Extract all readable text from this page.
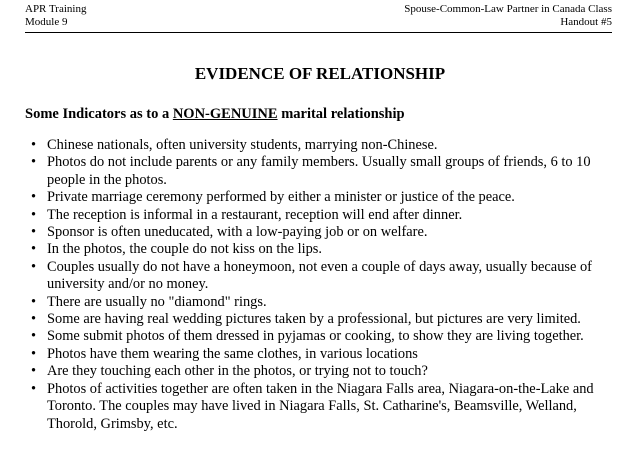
APR Training
Module 9
Spouse-Common-Law Partner in Canada Class
Handout #5
EVIDENCE OF RELATIONSHIP
Some Indicators as to a NON-GENUINE marital relationship
• Chinese nationals, often university students, marrying non-Chinese.
• Photos do not include parents or any family members. Usually small groups of friends, 6 to 10 people in the photos.
• Private marriage ceremony performed by either a minister or justice of the peace.
• The reception is informal in a restaurant, reception will end after dinner.
• Sponsor is often uneducated, with a low-paying job or on welfare.
• In the photos, the couple do not kiss on the lips.
• Couples usually do not have a honeymoon, not even a couple of days away, usually because of university and/or no money.
• There are usually no "diamond" rings.
• Some are having real wedding pictures taken by a professional, but pictures are very limited.
• Some submit photos of them dressed in pyjamas or cooking, to show they are living together.
• Photos have them wearing the same clothes, in various locations
• Are they touching each other in the photos, or trying not to touch?
• Photos of activities together are often taken in the Niagara Falls area, Niagara-on-the-Lake and Toronto. The couples may have lived in Niagara Falls, St. Catharine's, Beamsville, Welland, Thorold, Grimsby, etc.
